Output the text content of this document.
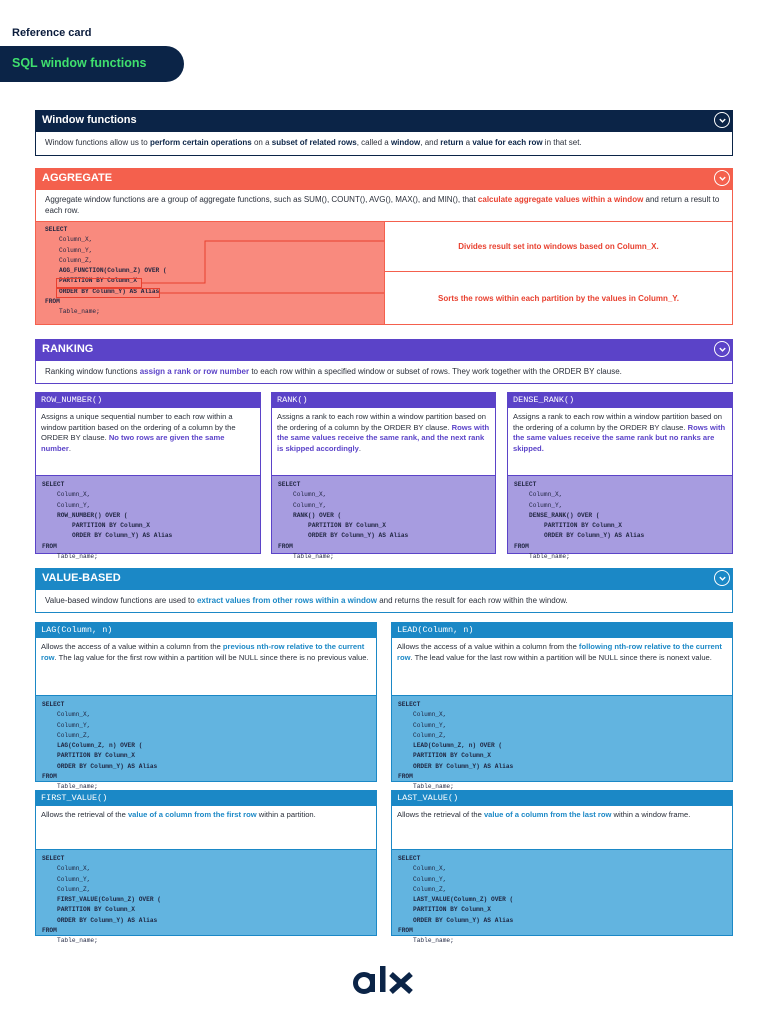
Reference card
SQL window functions
Window functions
Window functions allow us to perform certain operations on a subset of related rows, called a window, and return a value for each row in that set.
AGGREGATE
Aggregate window functions are a group of aggregate functions, such as SUM(), COUNT(), AVG(), MAX(), and MIN(), that calculate aggregate values within a window and return a result to each row.
SELECT
Column_X,
Column_Y,
Column_Z,
AGG_FUNCTION(Column_Z) OVER (
PARTITION BY Column_X
ORDER BY Column_Y) AS Alias
FROM
Table_name;
Divides result set into windows based on Column_X.
Sorts the rows within each partition by the values in Column_Y.
RANKING
Ranking window functions assign a rank or row number to each row within a specified window or subset of rows. They work together with the ORDER BY clause.
ROW_NUMBER()
Assigns a unique sequential number to each row within a window partition based on the ordering of a column by the ORDER BY clause. No two rows are given the same number.
SELECT
Column_X,
Column_Y,
ROW_NUMBER() OVER (
PARTITION BY Column_X
ORDER BY Column_Y) AS Alias
FROM
Table_name;
RANK()
Assigns a rank to each row within a window partition based on the ordering of a column by the ORDER BY clause. Rows with the same values receive the same rank, and the next rank is skipped accordingly.
SELECT
Column_X,
Column_Y,
RANK() OVER (
PARTITION BY Column_X
ORDER BY Column_Y) AS Alias
FROM
Table_name;
DENSE_RANK()
Assigns a rank to each row within a window partition based on the ordering of a column by the ORDER BY clause. Rows with the same values receive the same rank but no ranks are skipped.
SELECT
Column_X,
Column_Y,
DENSE_RANK() OVER (
PARTITION BY Column_X
ORDER BY Column_Y) AS Alias
FROM
Table_name;
VALUE-BASED
Value-based window functions are used to extract values from other rows within a window and returns the result for each row within the window.
LAG(Column, n)
Allows the access of a value within a column from the previous nth-row relative to the current row. The lag value for the first row within a partition will be NULL since there is no previous value.
SELECT
Column_X,
Column_Y,
Column_Z,
LAG(Column_Z, n) OVER (
PARTITION BY Column_X
ORDER BY Column_Y) AS Alias
FROM
Table_name;
LEAD(Column, n)
Allows the access of a value within a column from the following nth-row relative to the current row. The lead value for the last row within a partition will be NULL since there is nonext value.
SELECT
Column_X,
Column_Y,
Column_Z,
LEAD(Column_Z, n) OVER (
PARTITION BY Column_X
ORDER BY Column_Y) AS Alias
FROM
Table_name;
FIRST_VALUE()
Allows the retrieval of the value of a column from the first row within a partition.
SELECT
Column_X,
Column_Y,
Column_Z,
FIRST_VALUE(Column_Z) OVER (
PARTITION BY Column_X
ORDER BY Column_Y) AS Alias
FROM
Table_name;
LAST_VALUE()
Allows the retrieval of the value of a column from the last row within a window frame.
SELECT
Column_X,
Column_Y,
Column_Z,
LAST_VALUE(Column_Z) OVER (
PARTITION BY Column_X
ORDER BY Column_Y) AS Alias
FROM
Table_name;
